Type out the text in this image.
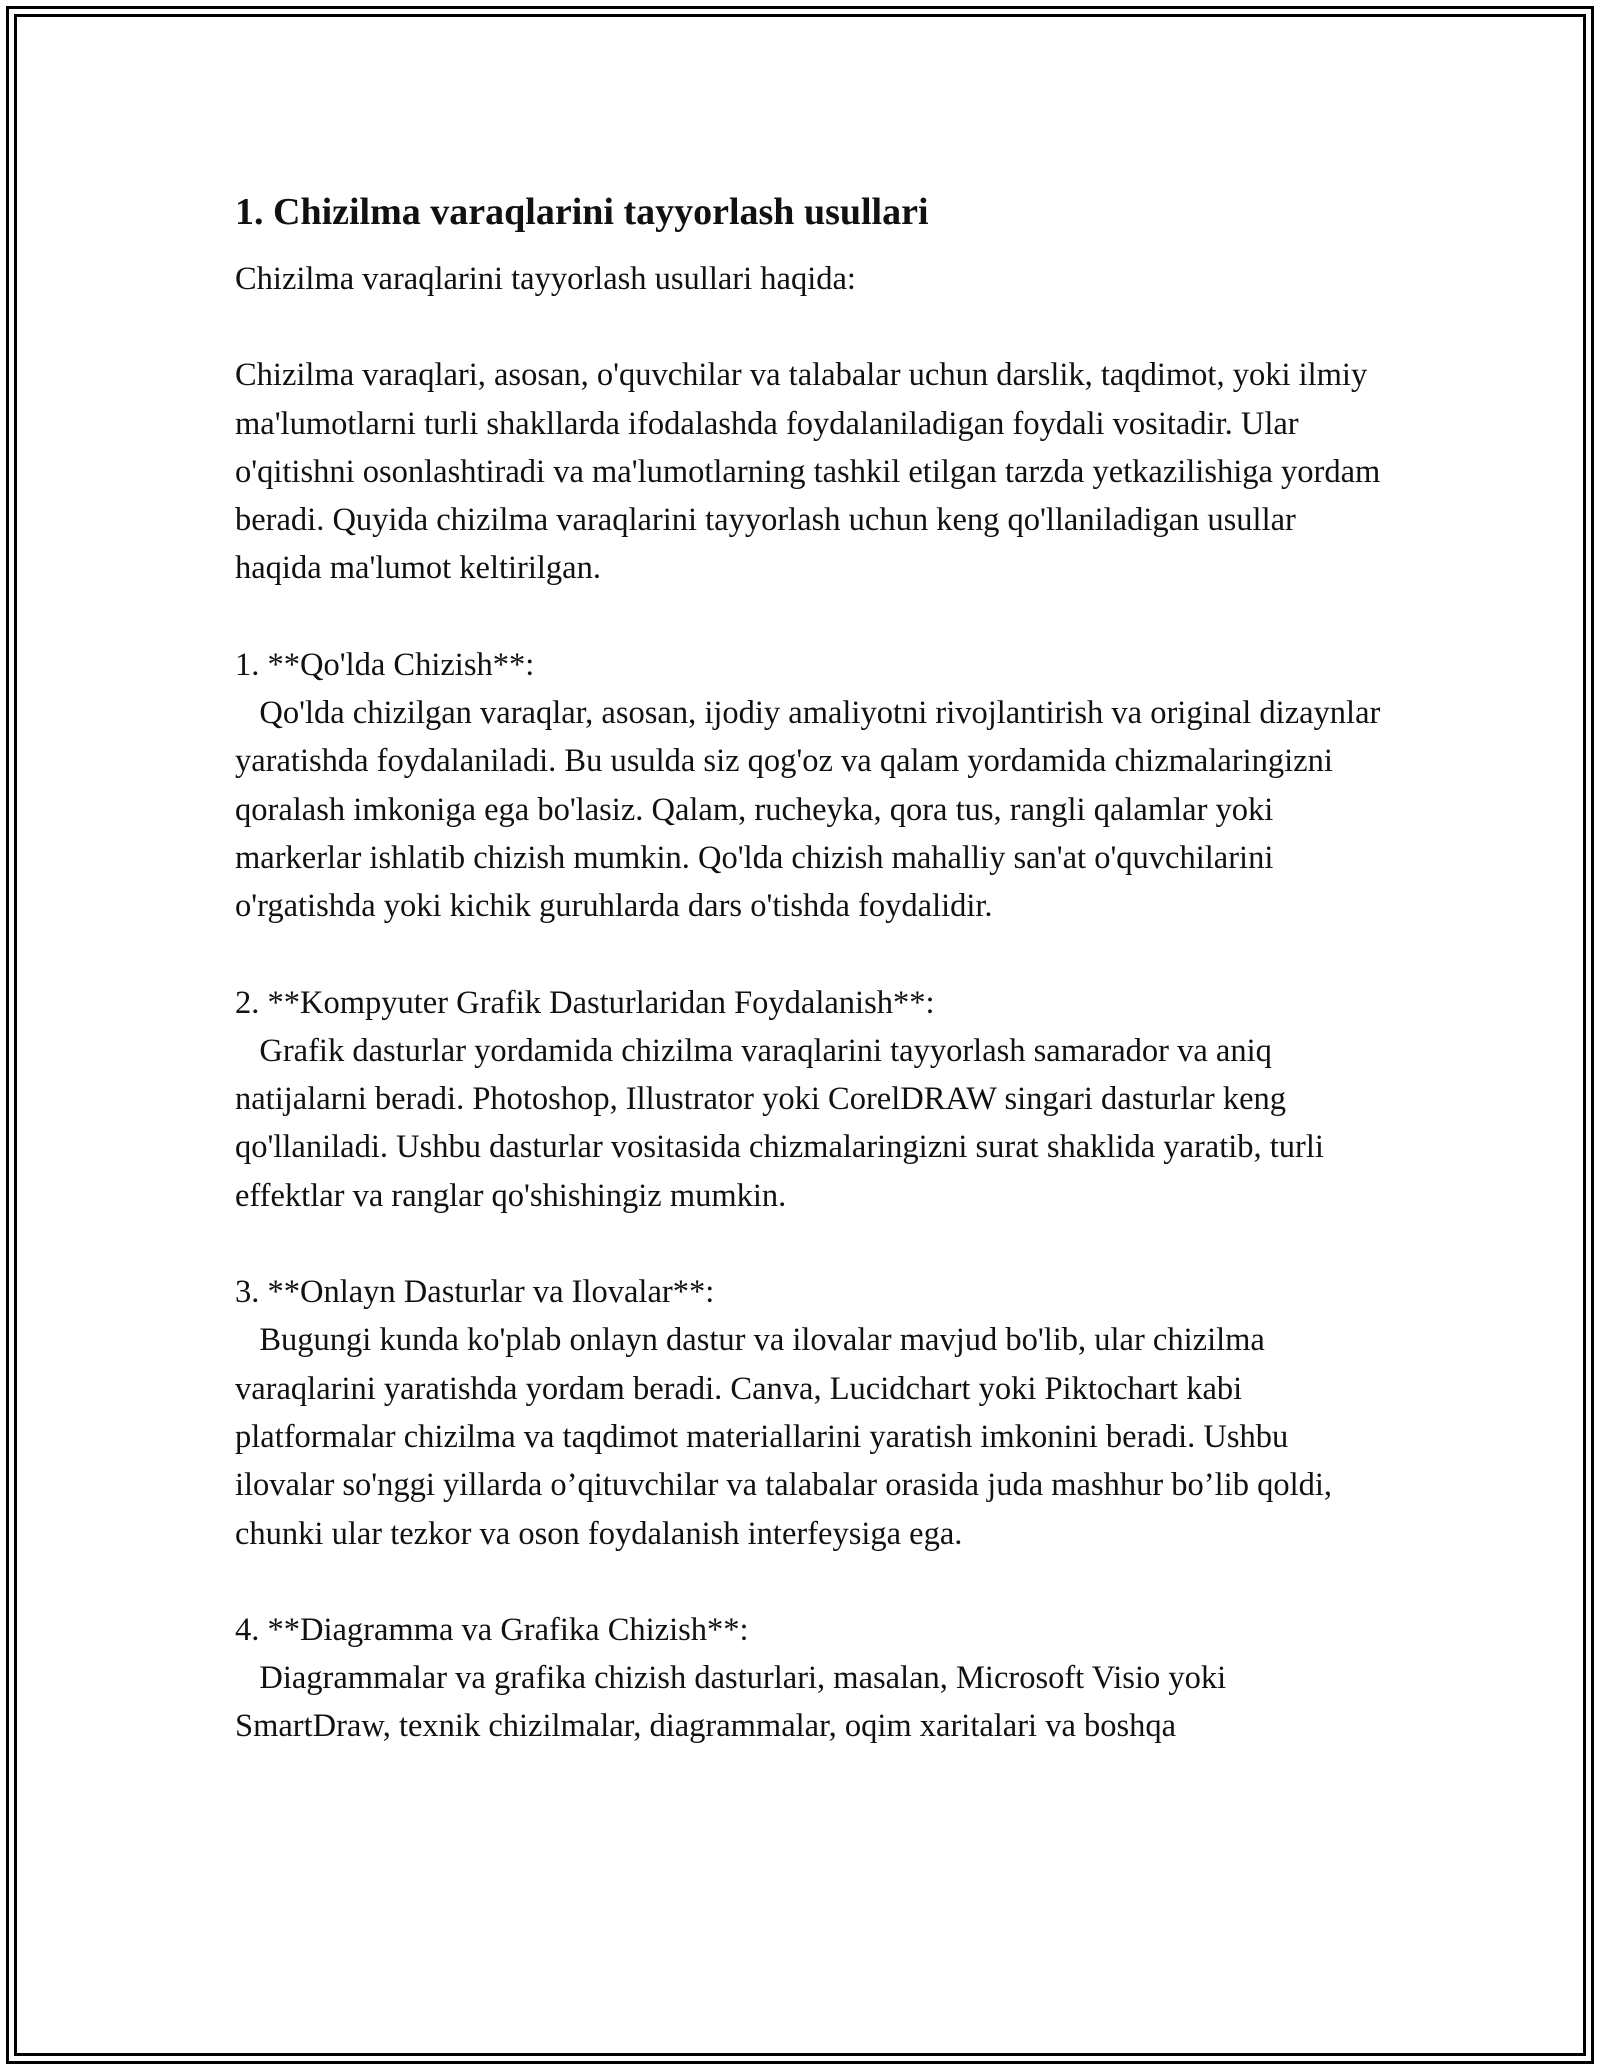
1. Chizilma varaqlarini tayyorlash usullari

Chizilma varaqlarini tayyorlash usullari haqida:

Chizilma varaqlari, asosan, o'quvchilar va talabalar uchun darslik, taqdimot, yoki ilmiy ma'lumotlarni turli shakllarda ifodalashda foydalaniladigan foydali vositadir. Ular o'qitishni osonlashtiradi va ma'lumotlarning tashkil etilgan tarzda yetkazilishiga yordam beradi. Quyida chizilma varaqlarini tayyorlash uchun keng qo'llaniladigan usullar haqida ma'lumot keltirilgan.

1. **Qo'lda Chizish**:

Qo'lda chizilgan varaqlar, asosan, ijodiy amaliyotni rivojlantirish va original dizaynlar yaratishda foydalaniladi. Bu usulda siz qog'oz va qalam yordamida chizmalaringizni qoralash imkoniga ega bo'lasiz. Qalam, rucheyka, qora tus, rangli qalamlar yoki markerlar ishlatib chizish mumkin. Qo'lda chizish mahalliy san'at o'quvchilarini o'rgatishda yoki kichik guruhlarda dars o'tishda foydalidir.

2. **Kompyuter Grafik Dasturlaridan Foydalanish**:

Grafik dasturlar yordamida chizilma varaqlarini tayyorlash samarador va aniq natijalarni beradi. Photoshop, Illustrator yoki CorelDRAW singari dasturlar keng qo'llaniladi. Ushbu dasturlar vositasida chizmalaringizni surat shaklida yaratib, turli effektlar va ranglar qo'shishingiz mumkin.

3. **Onlayn Dasturlar va Ilovalar**:

Bugungi kunda ko'plab onlayn dastur va ilovalar mavjud bo'lib, ular chizilma varaqlarini yaratishda yordam beradi. Canva, Lucidchart yoki Piktochart kabi platformalar chizilma va taqdimot materiallarini yaratish imkonini beradi. Ushbu ilovalar so'nggi yillarda o’qituvchilar va talabalar orasida juda mashhur bo’lib qoldi, chunki ular tezkor va oson foydalanish interfeysiga ega.

4. **Diagramma va Grafika Chizish**:

Diagrammalar va grafika chizish dasturlari, masalan, Microsoft Visio yoki SmartDraw, texnik chizilmalar, diagrammalar, oqim xaritalari va boshqa
